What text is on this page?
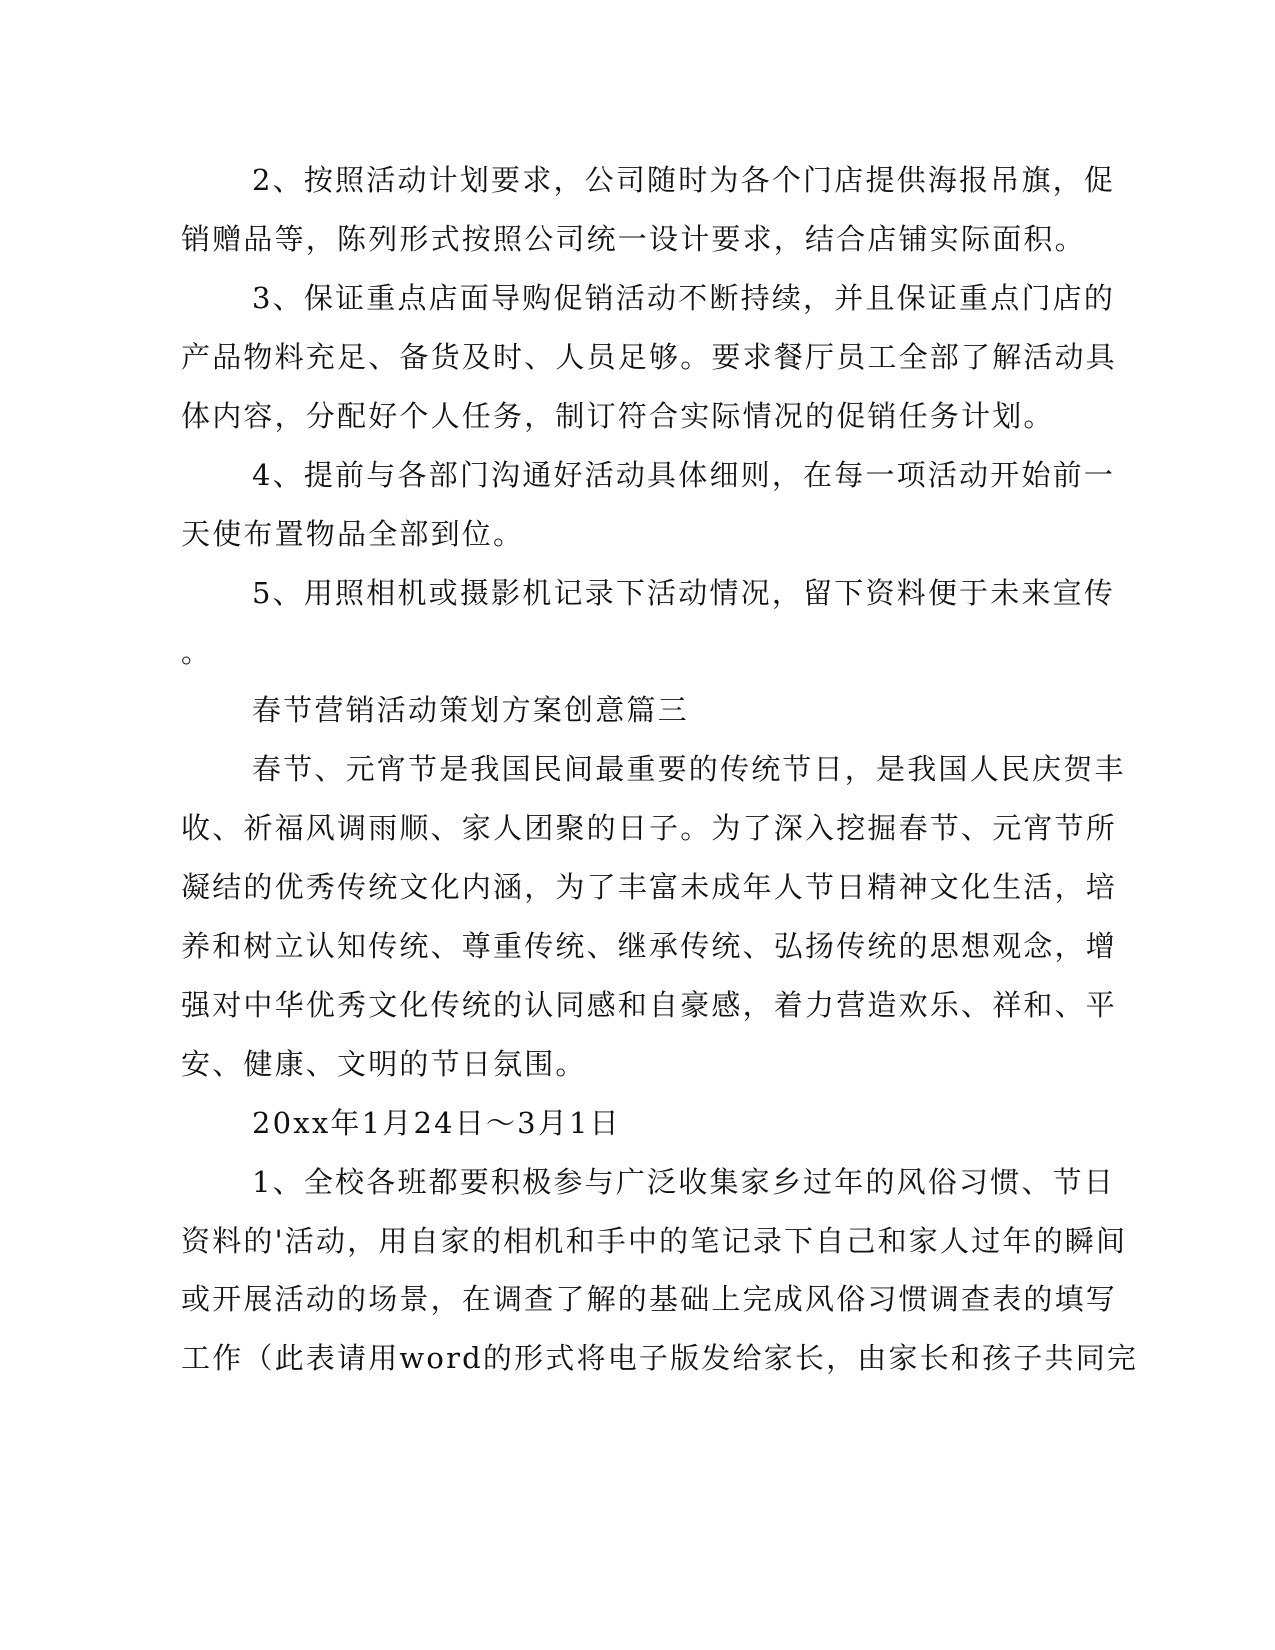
2、按照活动计划要求，公司随时为各个门店提供海报吊旗，促
销赠品等，陈列形式按照公司统一设计要求，结合店铺实际面积。
3、保证重点店面导购促销活动不断持续，并且保证重点门店的
产品物料充足、备货及时、人员足够。要求餐厅员工全部了解活动具
体内容，分配好个人任务，制订符合实际情况的促销任务计划。
4、提前与各部门沟通好活动具体细则，在每一项活动开始前一
天使布置物品全部到位。
5、用照相机或摄影机记录下活动情况，留下资料便于未来宣传
。
春节营销活动策划方案创意篇三
春节、元宵节是我国民间最重要的传统节日，是我国人民庆贺丰
收、祈福风调雨顺、家人团聚的日子。为了深入挖掘春节、元宵节所
凝结的优秀传统文化内涵，为了丰富未成年人节日精神文化生活，培
养和树立认知传统、尊重传统、继承传统、弘扬传统的思想观念，增
强对中华优秀文化传统的认同感和自豪感，着力营造欢乐、祥和、平
安、健康、文明的节日氛围。
20xx年1月24日～3月1日
1、全校各班都要积极参与广泛收集家乡过年的风俗习惯、节日
资料的'活动，用自家的相机和手中的笔记录下自己和家人过年的瞬间
或开展活动的场景，在调查了解的基础上完成风俗习惯调查表的填写
工作（此表请用word的形式将电子版发给家长，由家长和孩子共同完
